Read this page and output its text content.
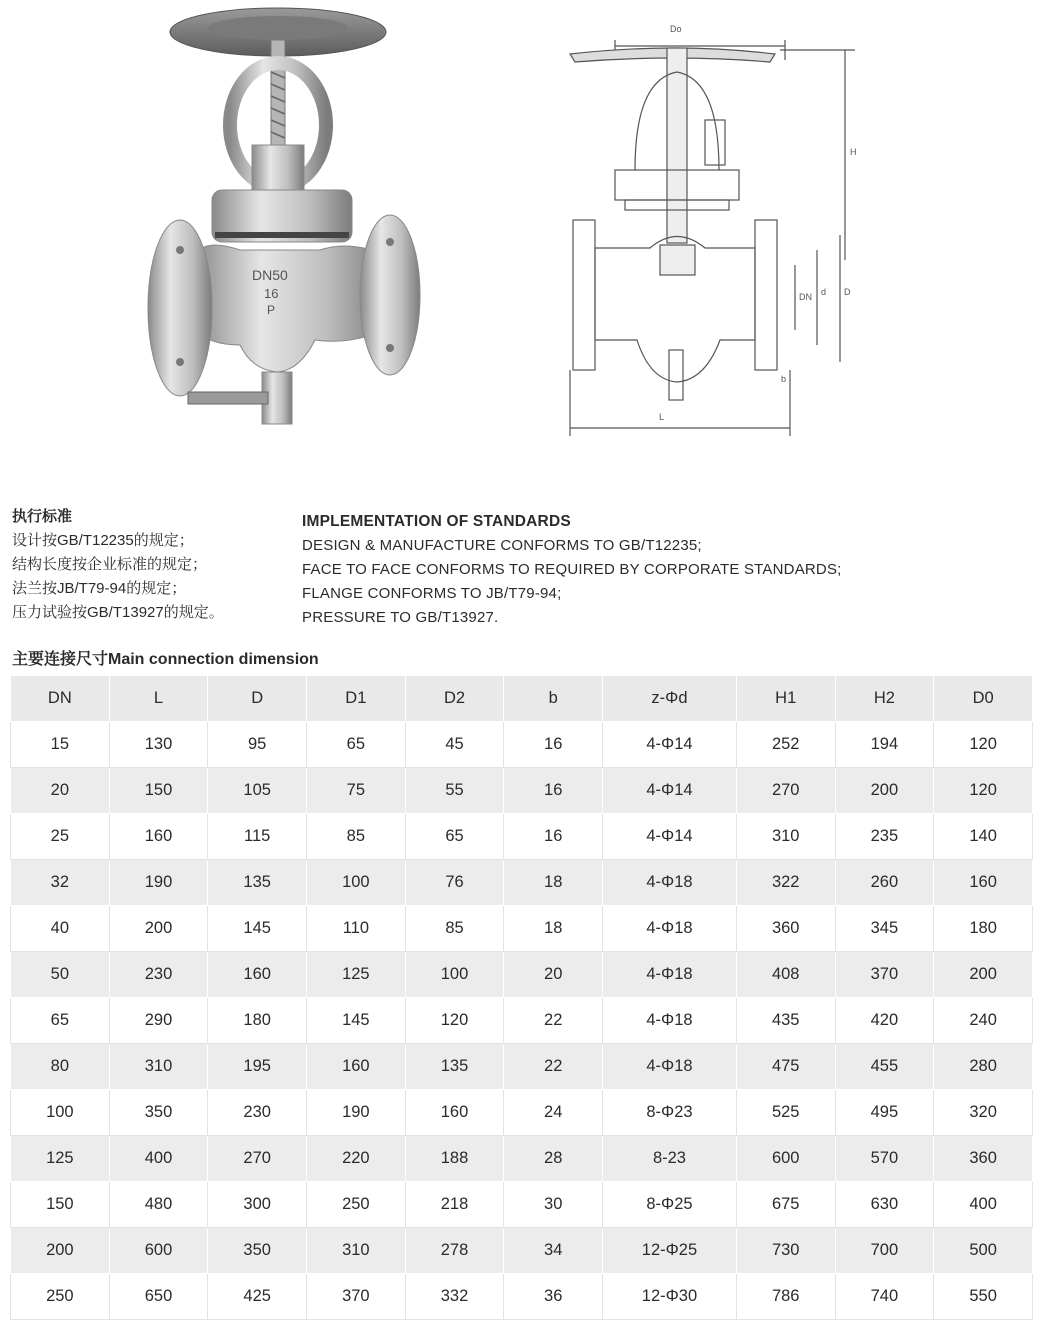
DN50
16
P
Do
H
DN d D
b
L
执行标准
设计按GB/T12235的规定；
结构长度按企业标准的规定；
法兰按JB/T79-94的规定；
压力试验按GB/T13927的规定。
IMPLEMENTATION OF STANDARDS
DESIGN & MANUFACTURE CONFORMS TO GB/T12235;
FACE TO FACE CONFORMS TO REQUIRED BY CORPORATE STANDARDS;
FLANGE CONFORMS TO JB/T79-94;
PRESSURE TO GB/T13927.
主要连接尺寸Main connection dimension
DN	L	D	D1	D2	b	z-Φd	H1	H2	D0
15	130	95	65	45	16	4-Φ14	252	194	120
20	150	105	75	55	16	4-Φ14	270	200	120
25	160	115	85	65	16	4-Φ14	310	235	140
32	190	135	100	76	18	4-Φ18	322	260	160
40	200	145	110	85	18	4-Φ18	360	345	180
50	230	160	125	100	20	4-Φ18	408	370	200
65	290	180	145	120	22	4-Φ18	435	420	240
80	310	195	160	135	22	4-Φ18	475	455	280
100	350	230	190	160	24	8-Φ23	525	495	320
125	400	270	220	188	28	8-23	600	570	360
150	480	300	250	218	30	8-Φ25	675	630	400
200	600	350	310	278	34	12-Φ25	730	700	500
250	650	425	370	332	36	12-Φ30	786	740	550
